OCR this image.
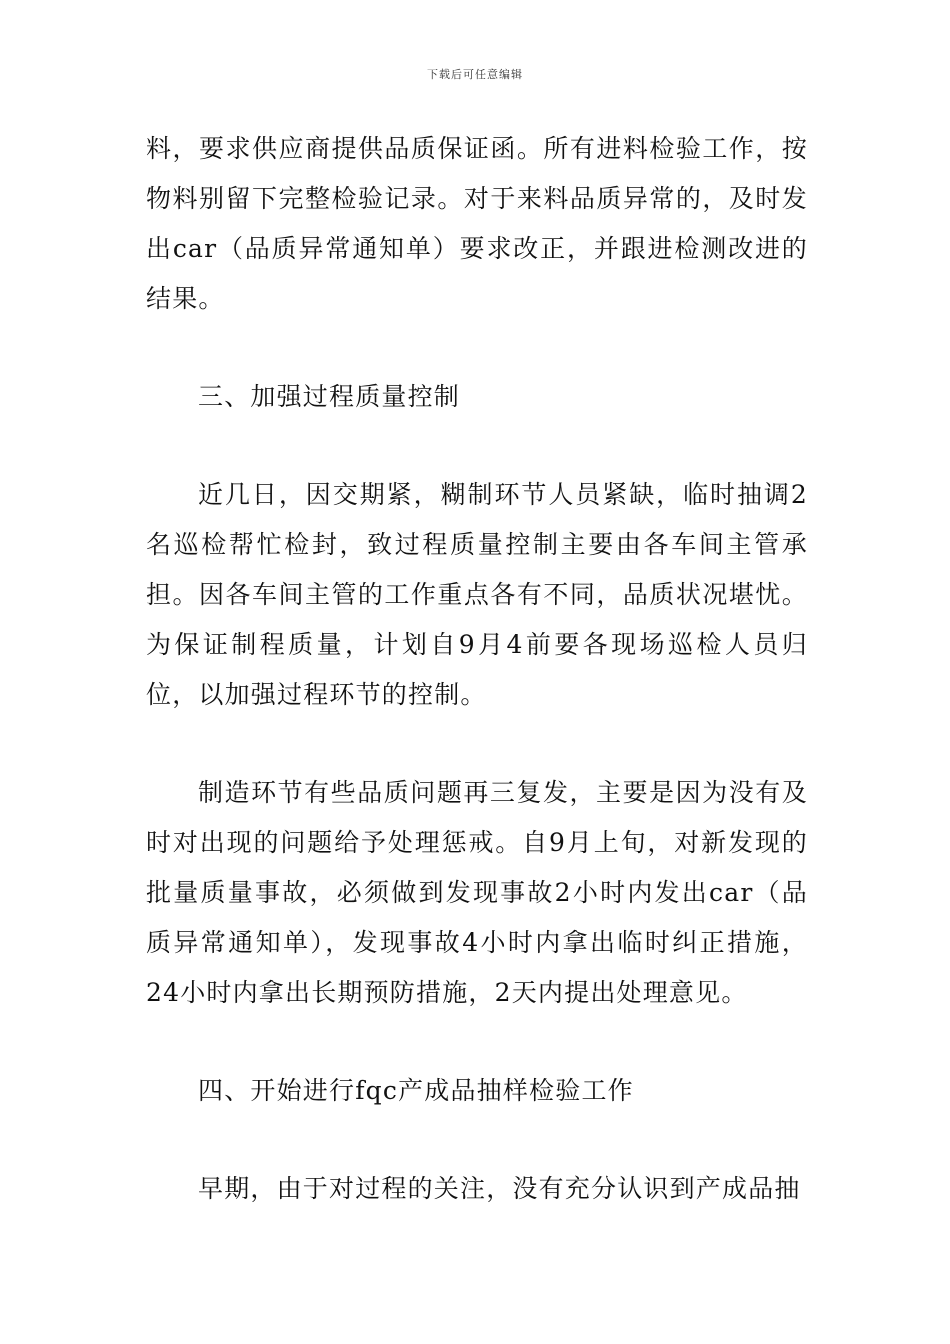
下载后可任意编辑

料，要求供应商提供品质保证函。所有进料检验工作，按物料别留下完整检验记录。对于来料品质异常的，及时发出car（品质异常通知单）要求改正，并跟进检测改进的结果。

三、加强过程质量控制

近几日，因交期紧，糊制环节人员紧缺，临时抽调2名巡检帮忙检封，致过程质量控制主要由各车间主管承担。因各车间主管的工作重点各有不同，品质状况堪忧。为保证制程质量，计划自9月4前要各现场巡检人员归位，以加强过程环节的控制。

制造环节有些品质问题再三复发，主要是因为没有及时对出现的问题给予处理惩戒。自9月上旬，对新发现的批量质量事故，必须做到发现事故2小时内发出car（品质异常通知单），发现事故4小时内拿出临时纠正措施，24小时内拿出长期预防措施，2天内提出处理意见。

四、开始进行fqc产成品抽样检验工作

早期，由于对过程的关注，没有充分认识到产成品抽
